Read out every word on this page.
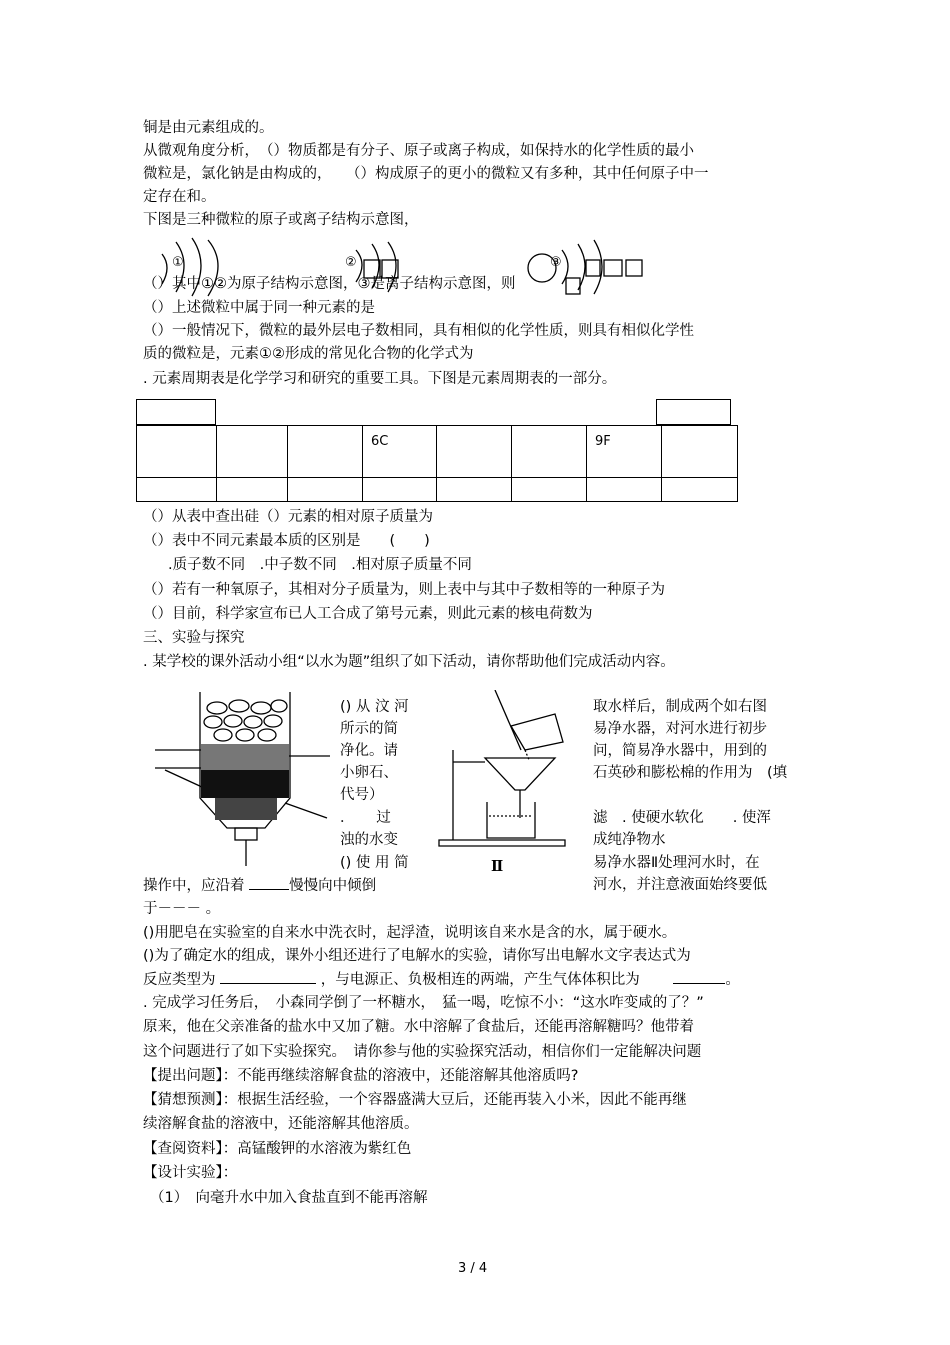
铜是由元素组成的。
从微观角度分析，　（）物质都是有分子、原子或离子构成，如保持水的化学性质的最小
微粒是，氯化钠是由构成的，　　（）构成原子的更小的微粒又有多种，其中任何原子中一
定存在和。
下图是三种微粒的原子或离子结构示意图，
①	②	③
（）其中①②为原子结构示意图，③是离子结构示意图，则
（）上述微粒中属于同一种元素的是
（）一般情况下，微粒的最外层电子数相同，具有相似的化学性质，则具有相似化学性
质的微粒是，元素①②形成的常见化合物的化学式为
. 元素周期表是化学学习和研究的重要工具。下图是元素周期表的一部分。

			6C			9F	

（）从表中查出硅（）元素的相对原子质量为
（）表中不同元素最本质的区别是　　(　　)
.质子数不同　.中子数不同　.相对原子质量不同
（）若有一种氧原子，其相对分子质量为，则上表中与其中子数相等的一种原子为
（）目前，科学家宣布已人工合成了第号元素，则此元素的核电荷数为
三、实验与探究
. 某学校的课外活动小组“以水为题”组织了如下活动，请你帮助他们完成活动内容。
() 从 汶 河
所示的简
净化。请
小卵石、
代号）
．　　过
浊的水变
() 使 用 简	Ⅱ
取水样后，制成两个如右图
易净水器，对河水进行初步
问，简易净水器中，用到的
石英砂和膨松棉的作用为　(填
滤　. 使硬水软化　　. 使浑
成纯净物水
易净水器Ⅱ处理河水时，在
河水，并注意液面始终要低
操作中，应沿着	慢慢向中倾倒
于－－－ 。
()用肥皂在实验室的自来水中洗衣时，起浮渣，说明该自来水是含的水，属于硬水。
()为了确定水的组成，课外小组还进行了电解水的实验，请你写出电解水文字表达式为
反应类型为	，与电源正、负极相连的两端，产生气体体积比为　　	。
. 完成学习任务后，　小森同学倒了一杯糖水，　猛一喝，吃惊不小：“这水咋变咸的了？”
原来，他在父亲准备的盐水中又加了糖。水中溶解了食盐后，还能再溶解糖吗？他带着
这个问题进行了如下实验探究。　请你参与他的实验探究活动，相信你们一定能解决问题
【提出问题】：不能再继续溶解食盐的溶液中，还能溶解其他溶质吗?
【猜想预测】：根据生活经验，一个容器盛满大豆后，还能再装入小米，因此不能再继
续溶解食盐的溶液中，还能溶解其他溶质。
【查阅资料】：高锰酸钾的水溶液为紫红色
【设计实验】：
（1）　向毫升水中加入食盐直到不能再溶解
3 / 4
